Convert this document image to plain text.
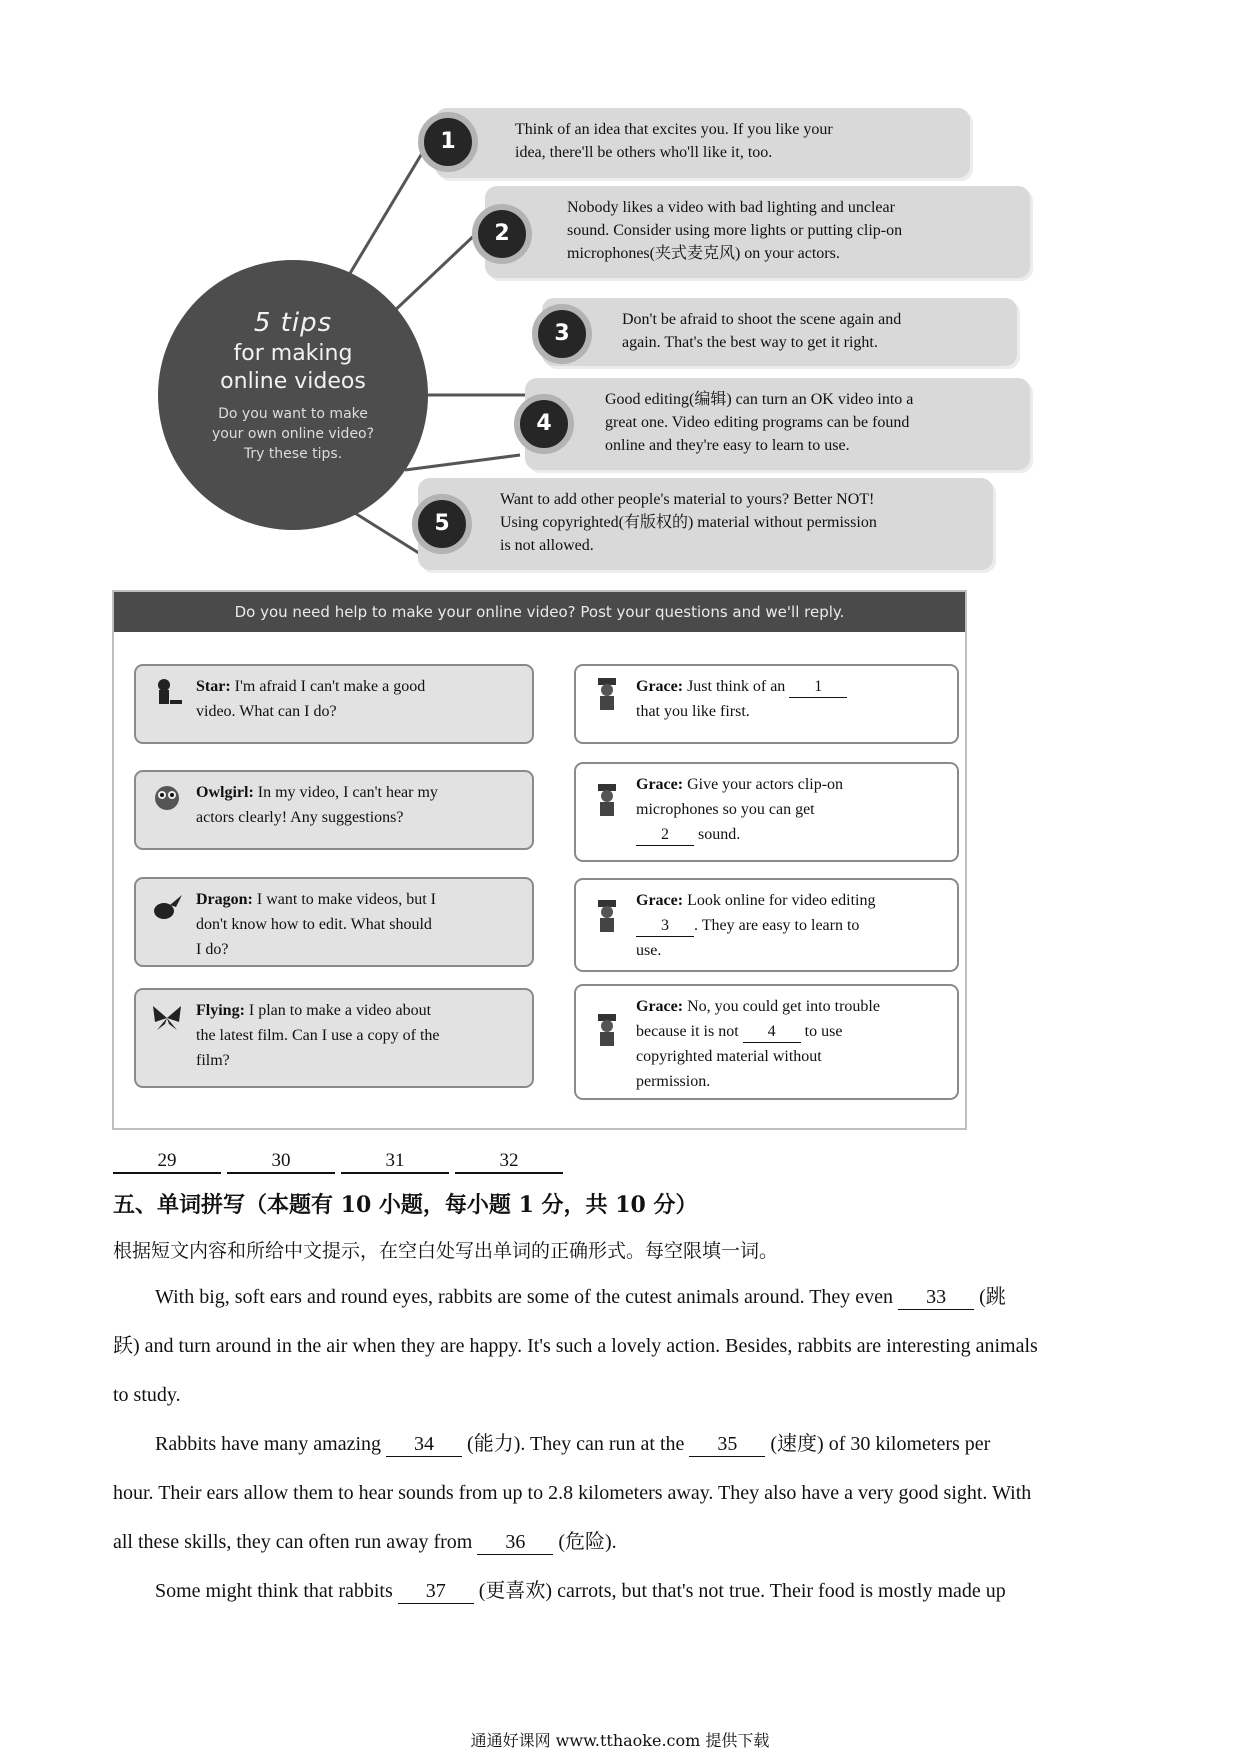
5 tips
for making
online videos
Do you want to make
your own online video?
Try these tips.
Think of an idea that excites you. If you like your
idea, there'll be others who'll like it, too.
1
Nobody likes a video with bad lighting and unclear
sound. Consider using more lights or putting clip-on
microphones(夹式麦克风) on your actors.
2
Don't be afraid to shoot the scene again and
again. That's the best way to get it right.
3
Good editing(编辑) can turn an OK video into a
great one. Video editing programs can be found
online and they're easy to learn to use.
4
Want to add other people's material to yours? Better NOT!
Using copyrighted(有版权的) material without permission
is not allowed.
5
Do you need help to make your online video? Post your questions and we'll reply.
Star: I'm afraid I can't make a good
video. What can I do?
Owlgirl: In my video, I can't hear my
actors clearly! Any suggestions?
Dragon: I want to make videos, but I
don't know how to edit. What should
I do?
Flying: I plan to make a video about
the latest film. Can I use a copy of the
film?
Grace: Just think of an 1
that you like first.
Grace: Give your actors clip-on
microphones so you can get
2 sound.
Grace: Look online for video editing
3 . They are easy to learn to
use.
Grace: No, you could get into trouble
because it is not 4 to use
copyrighted material without
permission.
29	30	31	32
五、单词拼写（本题有 10 小题，每小题 1 分，共 10 分）
根据短文内容和所给中文提示，在空白处写出单词的正确形式。每空限填一词。
With big, soft ears and round eyes, rabbits are some of the cutest animals around. They even 33 (跳
跃) and turn around in the air when they are happy. It's such a lovely action. Besides, rabbits are interesting animals
to study.
Rabbits have many amazing 34 (能力). They can run at the 35 (速度) of 30 kilometers per
hour. Their ears allow them to hear sounds from up to 2.8 kilometers away. They also have a very good sight. With
all these skills, they can often run away from 36 (危险).
Some might think that rabbits 37 (更喜欢) carrots, but that's not true. Their food is mostly made up
通通好课网 www.tthaoke.com 提供下载
